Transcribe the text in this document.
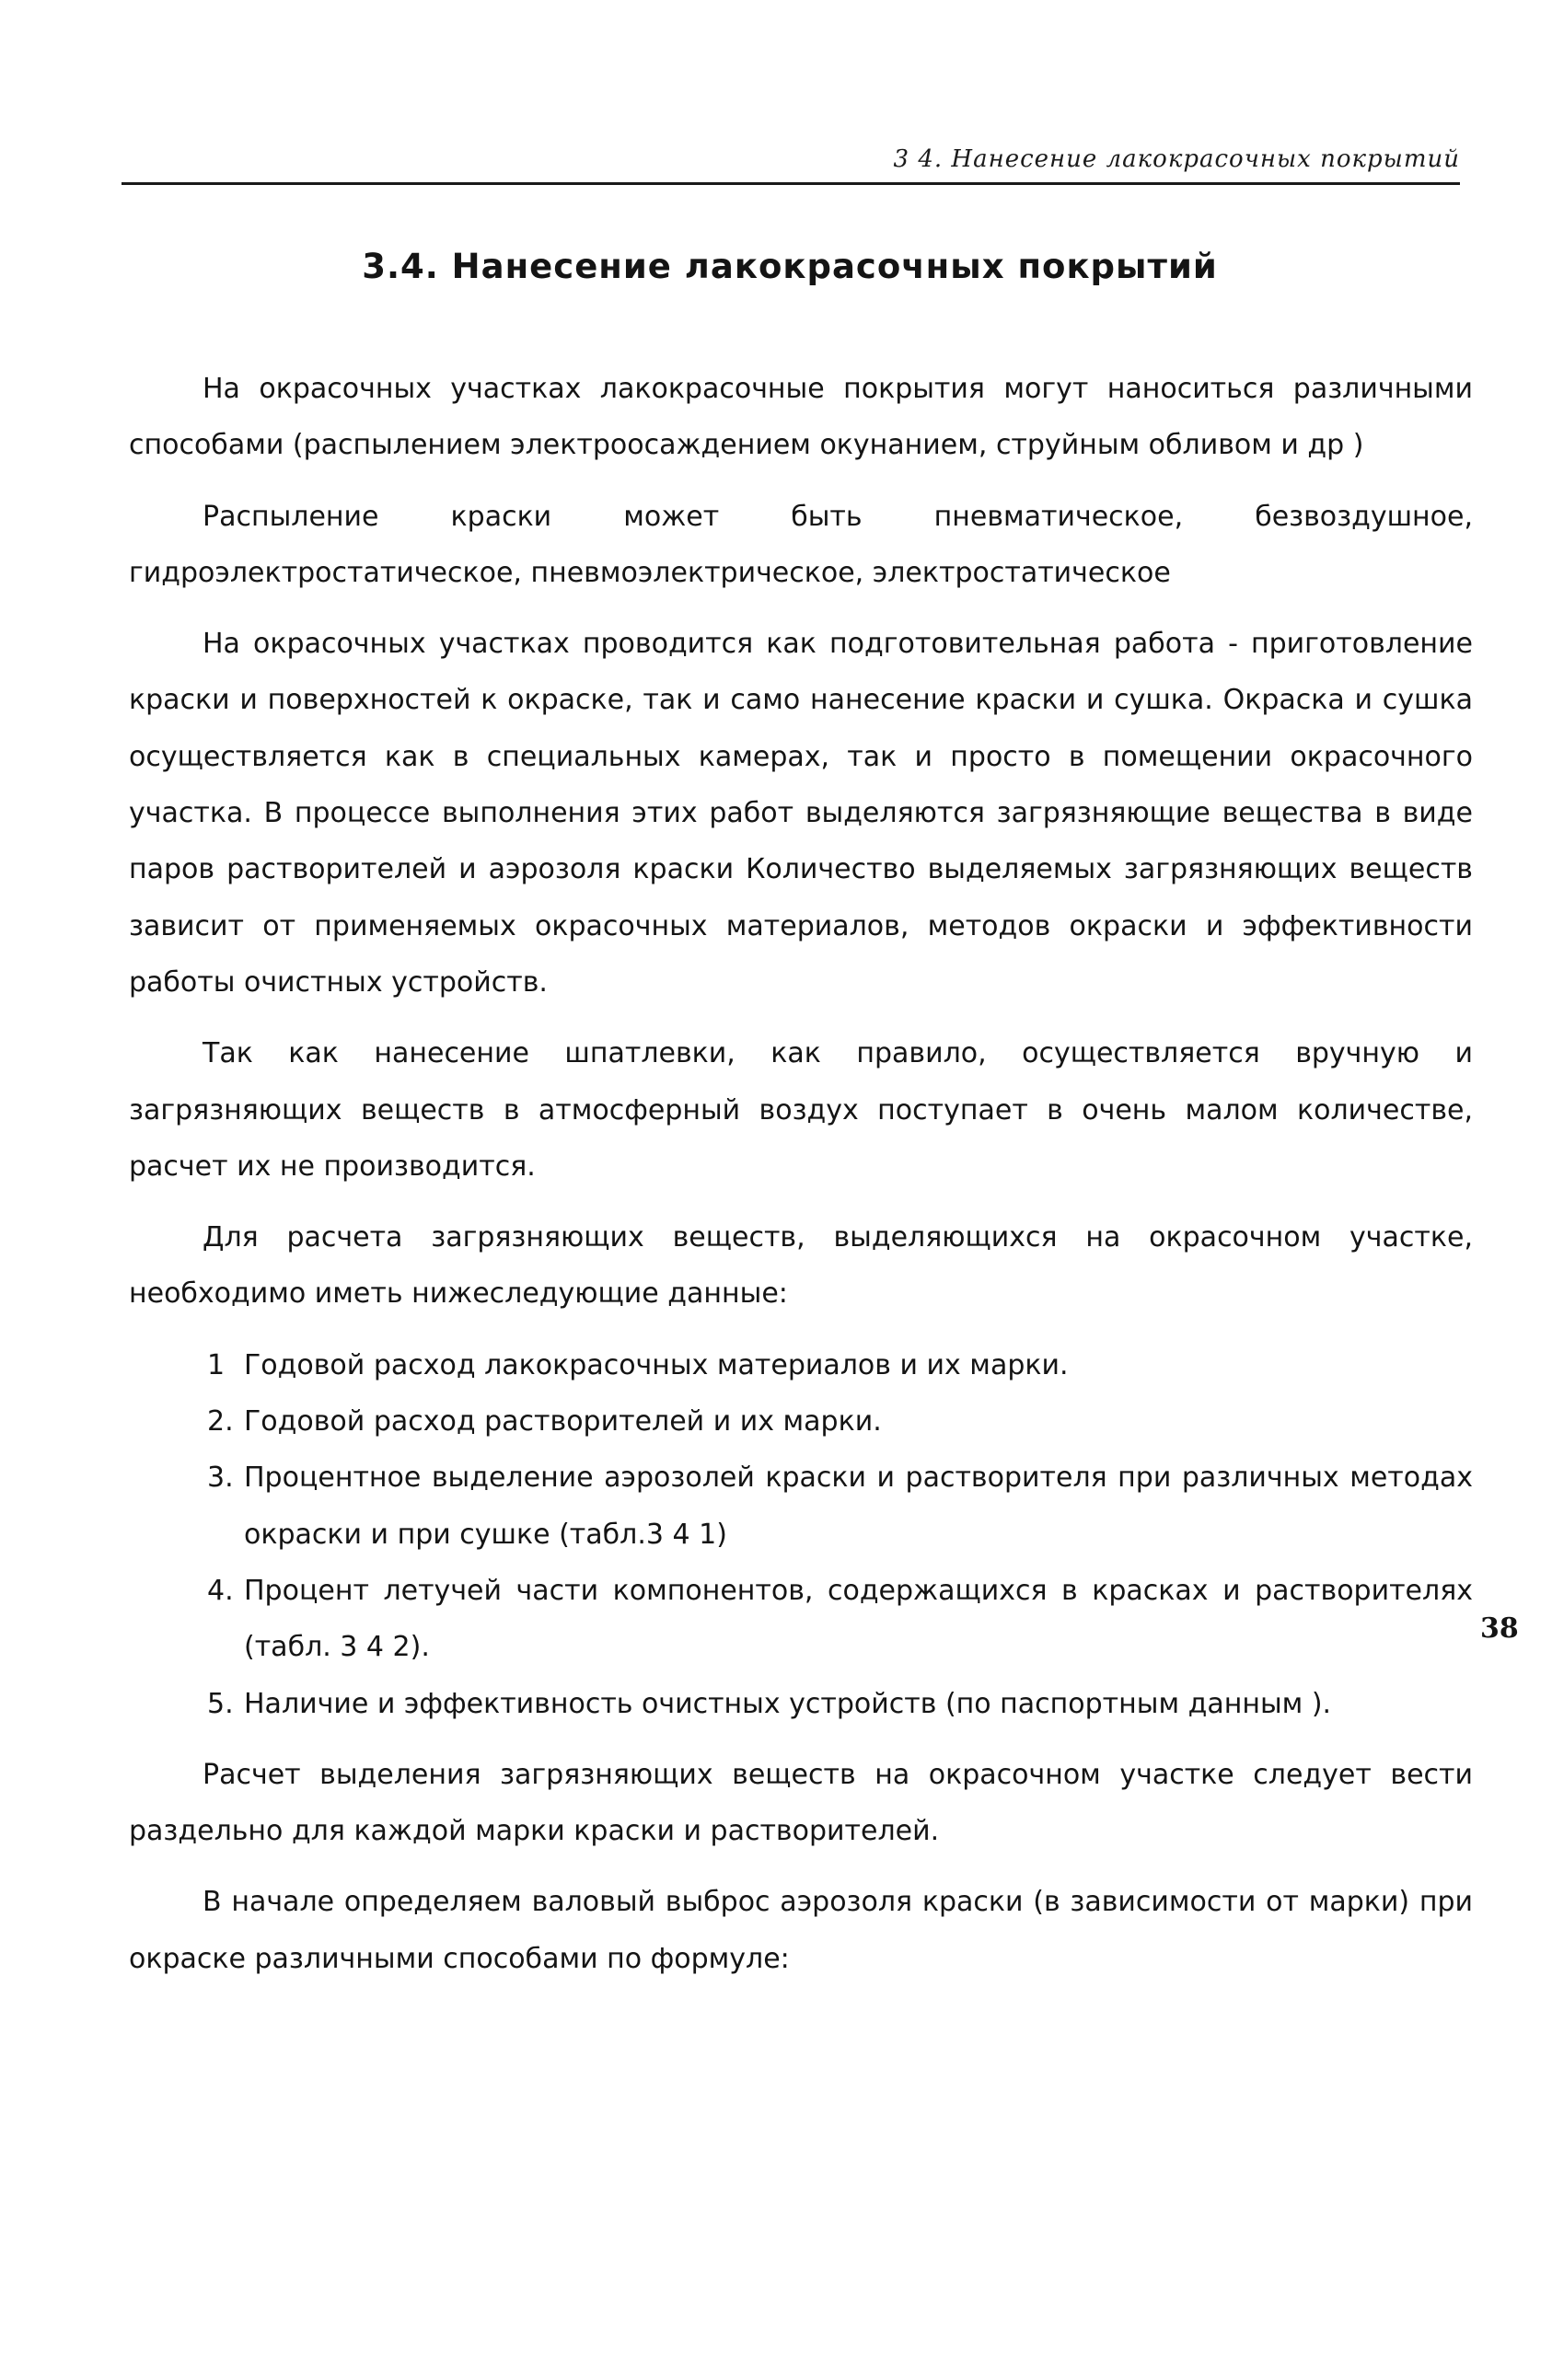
3 4. Нанесение лакокрасочных покрытий
3.4. Нанесение лакокрасочных покрытий

На окрасочных участках лакокрасочные покрытия могут наноситься различными способами (распылением электроосаждением окунанием, струйным обливом и др )

Распыление краски может быть пневматическое, безвоздушное, гидроэлектростатическое, пневмоэлектрическое, электростатическое

На окрасочных участках проводится как подготовительная работа - приготовление краски и поверхностей к окраске, так и само нанесение краски и сушка. Окраска и сушка осуществляется как в специальных камерах, так и просто в помещении окрасочного участка. В процессе выполнения этих работ выделяются загрязняющие вещества в виде паров растворителей и аэрозоля краски Количество выделяемых загрязняющих веществ зависит от применяемых окрасочных материалов, методов окраски и эффективности работы очистных устройств.

Так как нанесение шпатлевки, как правило, осуществляется вручную и загрязняющих веществ в атмосферный воздух поступает в очень малом количестве, расчет их не производится.

Для расчета загрязняющих веществ, выделяющихся на окрасочном участке, необходимо иметь нижеследующие данные:

1 Годовой расход лакокрасочных материалов и их марки.
2. Годовой расход растворителей и их марки.
3. Процентное выделение аэрозолей краски и растворителя при различных методах окраски и при сушке (табл.3 4 1)
4. Процент летучей части компонентов, содержащихся в красках и растворителях (табл. 3 4 2).
5. Наличие и эффективность очистных устройств (по паспортным данным ).

Расчет выделения загрязняющих веществ на окрасочном участке следует вести раздельно для каждой марки краски и растворителей.

В начале определяем валовый выброс аэрозоля краски (в зависимости от марки) при окраске различными способами по формуле:

38
